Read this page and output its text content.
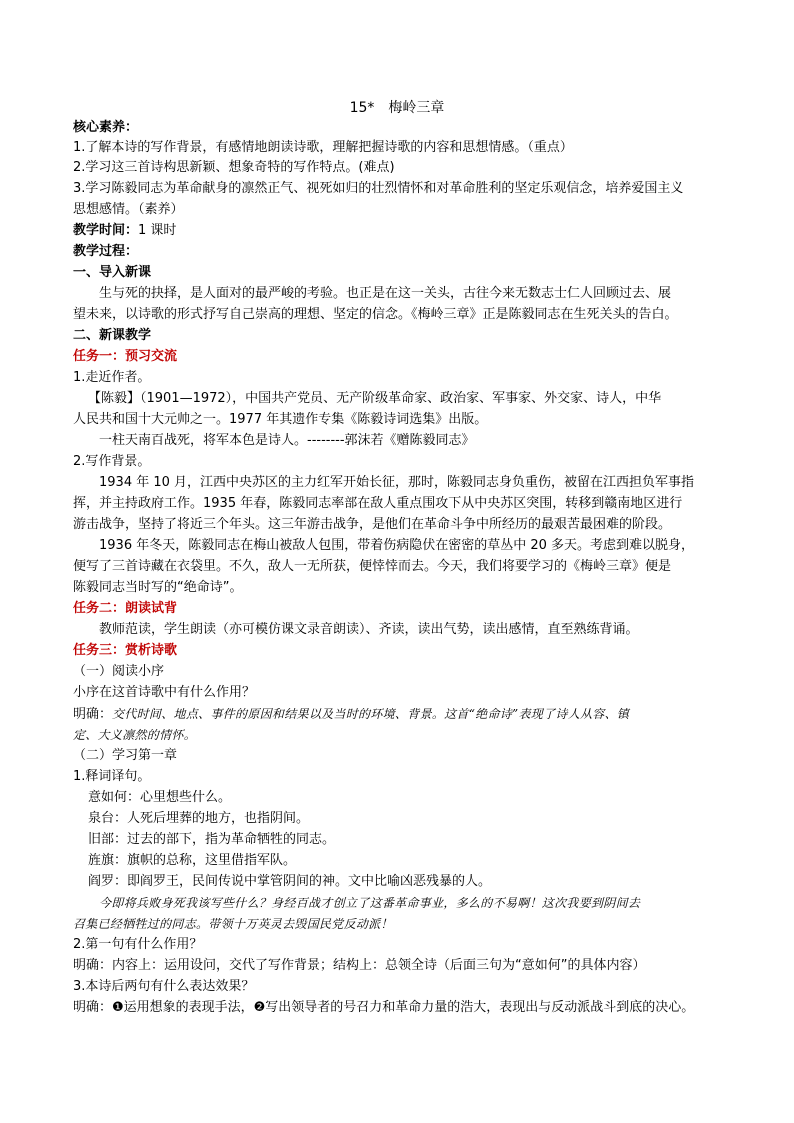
15*　梅岭三章
核心素养：
1.了解本诗的写作背景，有感情地朗读诗歌，理解把握诗歌的内容和思想情感。（重点）
2.学习这三首诗构思新颖、想象奇特的写作特点。(难点)
3.学习陈毅同志为革命献身的凛然正气、视死如归的壮烈情怀和对革命胜利的坚定乐观信念，培养爱国主义
思想感情。（素养）
教学时间：1 课时
教学过程：
一、导入新课
生与死的抉择，是人面对的最严峻的考验。也正是在这一关头，古往今来无数志士仁人回顾过去、展
望未来，以诗歌的形式抒写自己崇高的理想、坚定的信念。《梅岭三章》正是陈毅同志在生死关头的告白。
二、新课教学
任务一：预习交流
1.走近作者。
【陈毅】（1901—1972），中国共产党员、无产阶级革命家、政治家、军事家、外交家、诗人，中华
人民共和国十大元帅之一。1977 年其遗作专集《陈毅诗词选集》出版。
一柱天南百战死，将军本色是诗人。--------郭沫若《赠陈毅同志》
2.写作背景。
1934 年 10 月，江西中央苏区的主力红军开始长征，那时，陈毅同志身负重伤，被留在江西担负军事指
挥，并主持政府工作。1935 年春，陈毅同志率部在敌人重点围攻下从中央苏区突围，转移到赣南地区进行
游击战争，坚持了将近三个年头。这三年游击战争，是他们在革命斗争中所经历的最艰苦最困难的阶段。
1936 年冬天，陈毅同志在梅山被敌人包围，带着伤病隐伏在密密的草丛中 20 多天。考虑到难以脱身，
便写了三首诗藏在衣袋里。不久，敌人一无所获，便悻悻而去。今天，我们将要学习的《梅岭三章》便是
陈毅同志当时写的“绝命诗”。
任务二：朗读试背
教师范读，学生朗读（亦可模仿课文录音朗读）、齐读，读出气势，读出感情，直至熟练背诵。
任务三：赏析诗歌
（一）阅读小序
小序在这首诗歌中有什么作用？
明确：交代时间、地点、事件的原因和结果以及当时的环境、背景。这首“绝命诗”表现了诗人从容、镇
定、大义凛然的情怀。
（二）学习第一章
1.释词译句。
意如何：心里想些什么。
泉台：人死后埋葬的地方，也指阴间。
旧部：过去的部下，指为革命牺牲的同志。
旌旗：旗帜的总称，这里借指军队。
阎罗：即阎罗王，民间传说中掌管阴间的神。文中比喻凶恶残暴的人。
今即将兵败身死我该写些什么？身经百战才创立了这番革命事业，多么的不易啊！这次我要到阴间去
召集已经牺牲过的同志。带领十万英灵去毁国民党反动派！
2.第一句有什么作用？
明确：内容上：运用设问，交代了写作背景；结构上：总领全诗（后面三句为“意如何”的具体内容）
3.本诗后两句有什么表达效果？
明确：❶运用想象的表现手法，❷写出领导者的号召力和革命力量的浩大，表现出与反动派战斗到底的决心。
